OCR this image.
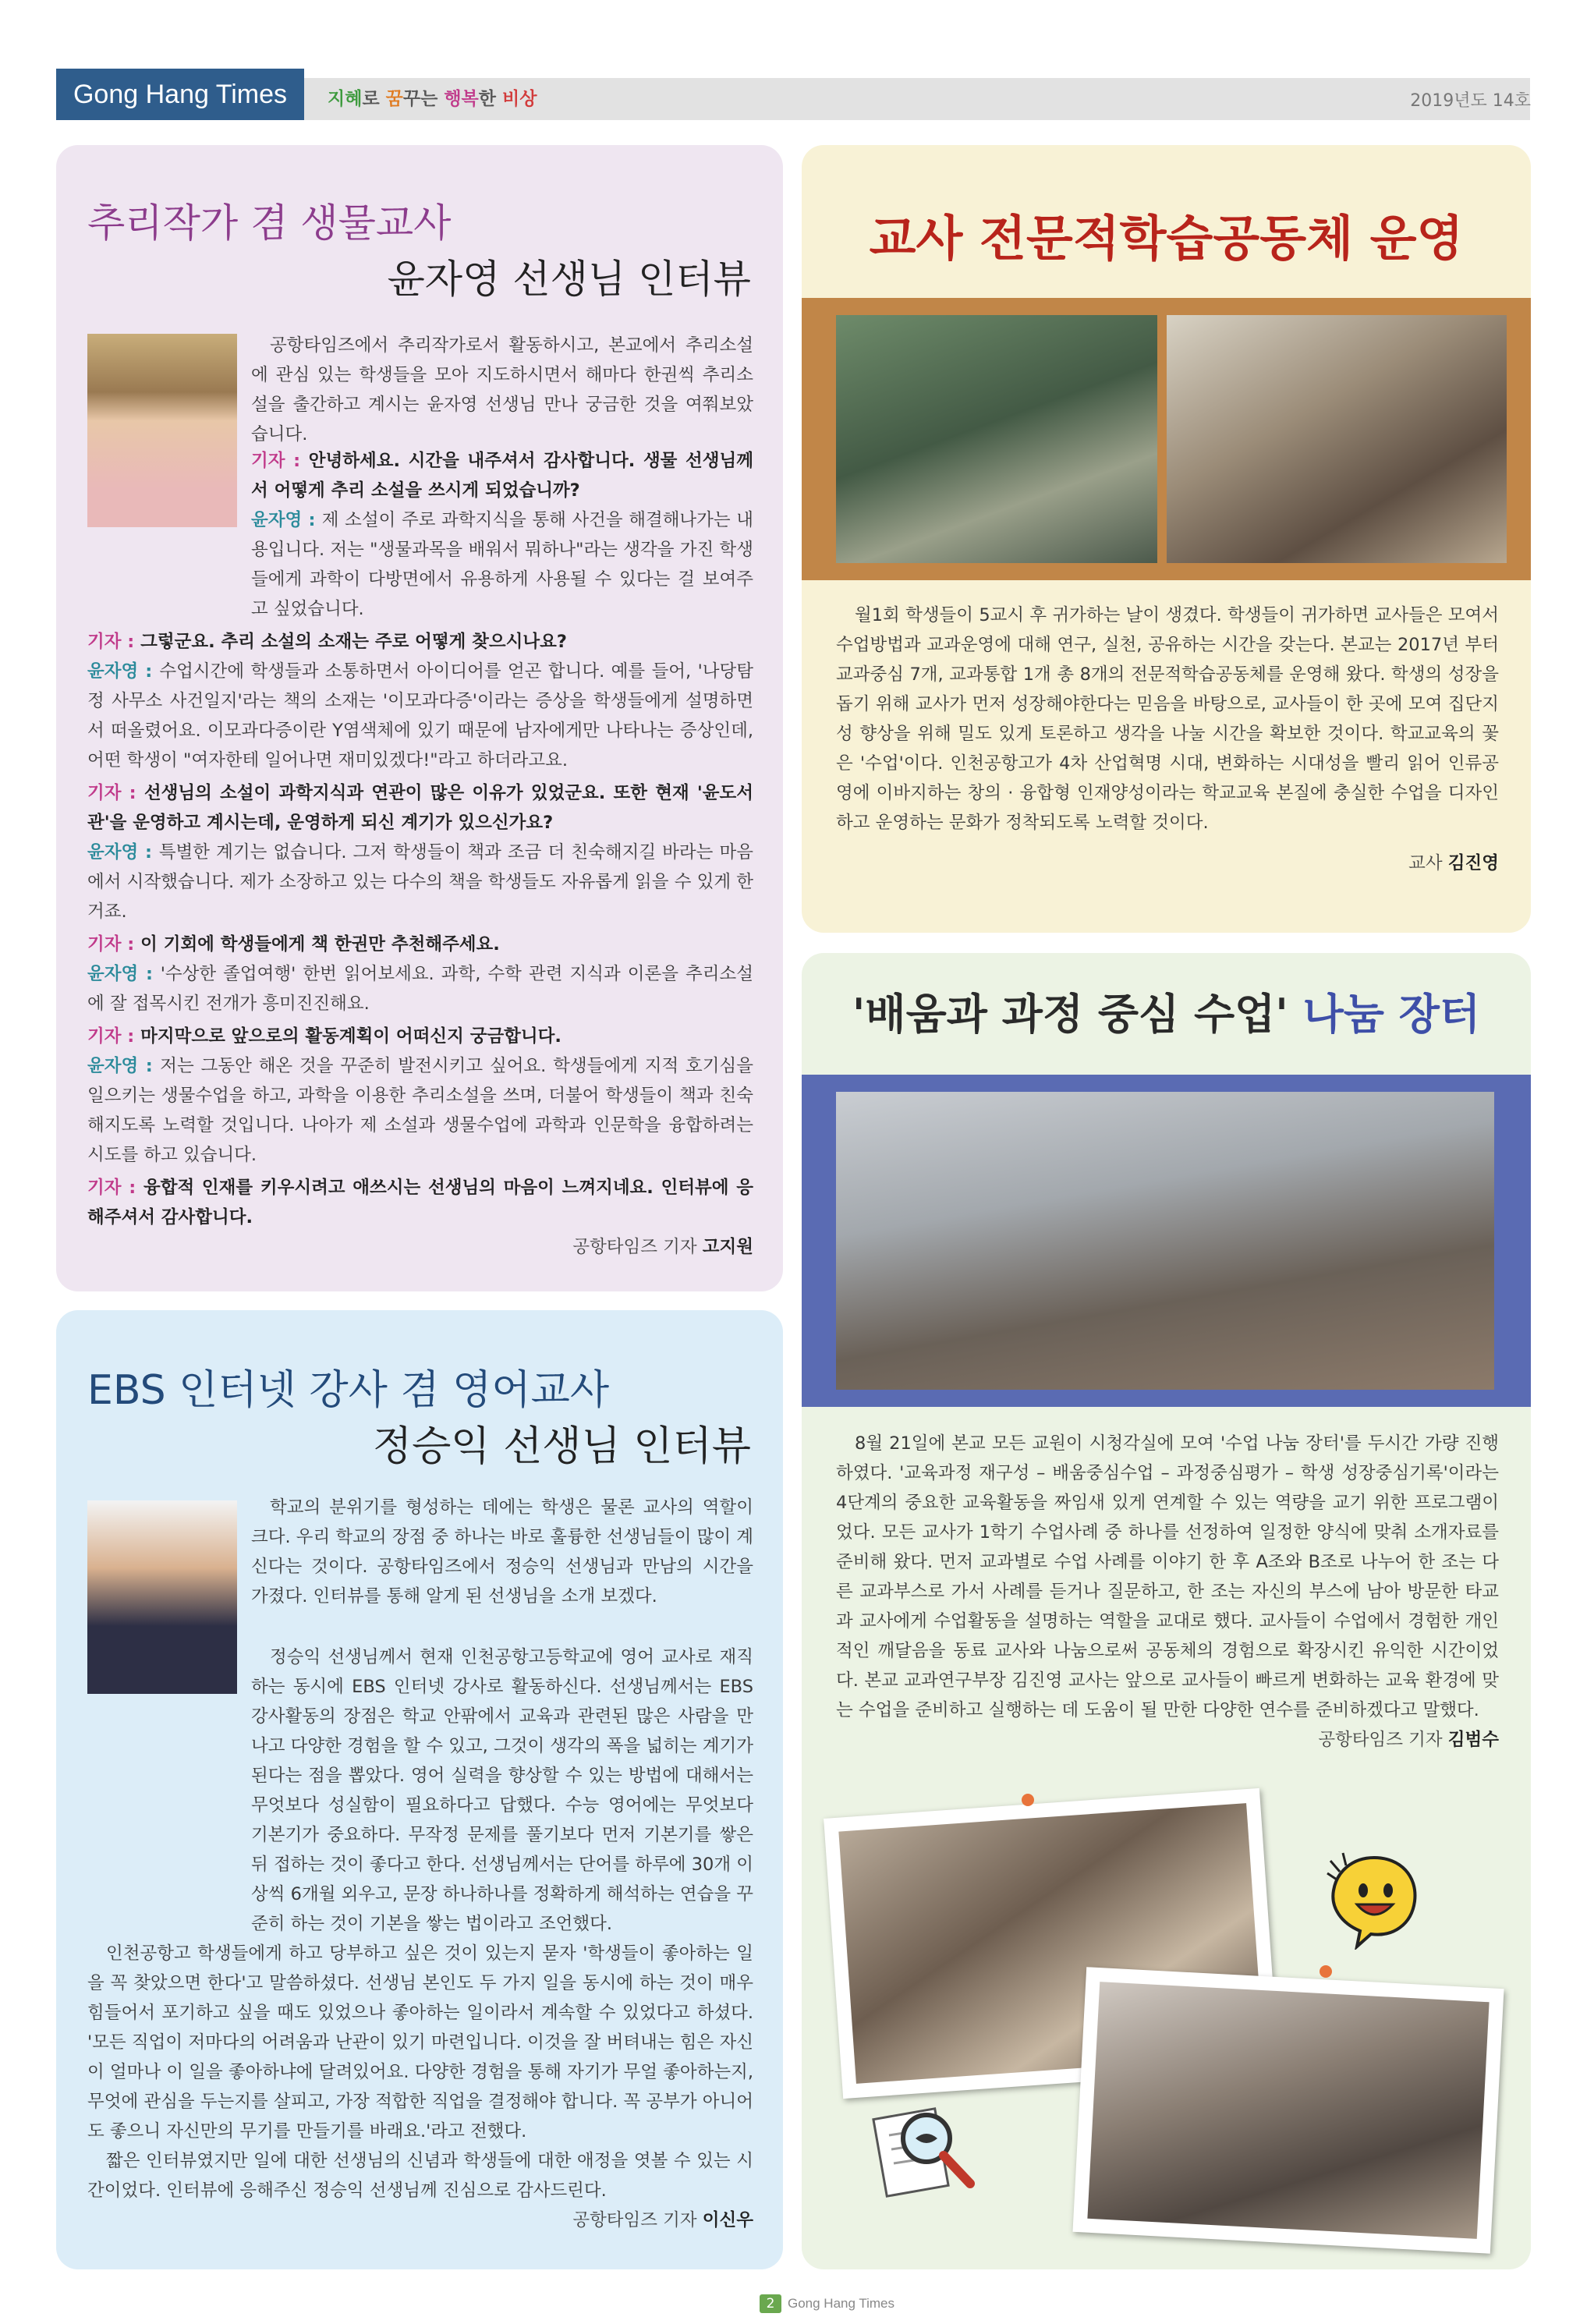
Gong Hang Times	지혜로 꿈꾸는 행복한 비상	2019년도 14호
추리작가 겸 생물교사
윤자영 선생님 인터뷰

공항타임즈에서 추리작가로서 활동하시고, 본교에서 추리소설에 관심 있는 학생들을 모아 지도하시면서 해마다 한권씩 추리소설을 출간하고 계시는 윤자영 선생님 만나 궁금한 것을 여쭤보았습니다.

기자 : 안녕하세요. 시간을 내주셔서 감사합니다. 생물 선생님께서 어떻게 추리 소설을 쓰시게 되었습니까?

윤자영 : 제 소설이 주로 과학지식을 통해 사건을 해결해나가는 내용입니다. 저는 "생물과목을 배워서 뭐하나"라는 생각을 가진 학생들에게 과학이 다방면에서 유용하게 사용될 수 있다는 걸 보여주고 싶었습니다.

기자 : 그렇군요. 추리 소설의 소재는 주로 어떻게 찾으시나요?

윤자영 : 수업시간에 학생들과 소통하면서 아이디어를 얻곤 합니다. 예를 들어, '나당탐정 사무소 사건일지'라는 책의 소재는 '이모과다증'이라는 증상을 학생들에게 설명하면서 떠올렸어요. 이모과다증이란 Y염색체에 있기 때문에 남자에게만 나타나는 증상인데, 어떤 학생이 "여자한테 일어나면 재미있겠다!"라고 하더라고요.

기자 : 선생님의 소설이 과학지식과 연관이 많은 이유가 있었군요. 또한 현재 '윤도서관'을 운영하고 계시는데, 운영하게 되신 계기가 있으신가요?

윤자영 : 특별한 계기는 없습니다. 그저 학생들이 책과 조금 더 친숙해지길 바라는 마음에서 시작했습니다. 제가 소장하고 있는 다수의 책을 학생들도 자유롭게 읽을 수 있게 한 거죠.

기자 : 이 기회에 학생들에게 책 한권만 추천해주세요.

윤자영 : '수상한 졸업여행' 한번 읽어보세요. 과학, 수학 관련 지식과 이론을 추리소설에 잘 접목시킨 전개가 흥미진진해요.

기자 : 마지막으로 앞으로의 활동계획이 어떠신지 궁금합니다.

윤자영 : 저는 그동안 해온 것을 꾸준히 발전시키고 싶어요. 학생들에게 지적 호기심을 일으키는 생물수업을 하고, 과학을 이용한 추리소설을 쓰며, 더불어 학생들이 책과 친숙해지도록 노력할 것입니다. 나아가 제 소설과 생물수업에 과학과 인문학을 융합하려는 시도를 하고 있습니다.

기자 : 융합적 인재를 키우시려고 애쓰시는 선생님의 마음이 느껴지네요. 인터뷰에 응해주셔서 감사합니다.

공항타임즈 기자 고지원

EBS 인터넷 강사 겸 영어교사
정승익 선생님 인터뷰

학교의 분위기를 형성하는 데에는 학생은 물론 교사의 역할이 크다. 우리 학교의 장점 중 하나는 바로 훌륭한 선생님들이 많이 계신다는 것이다. 공항타임즈에서 정승익 선생님과 만남의 시간을 가졌다. 인터뷰를 통해 알게 된 선생님을 소개 보겠다.

정승익 선생님께서 현재 인천공항고등학교에 영어 교사로 재직하는 동시에 EBS 인터넷 강사로 활동하신다. 선생님께서는 EBS 강사활동의 장점은 학교 안팎에서 교육과 관련된 많은 사람을 만나고 다양한 경험을 할 수 있고, 그것이 생각의 폭을 넓히는 계기가 된다는 점을 뽑았다. 영어 실력을 향상할 수 있는 방법에 대해서는 무엇보다 성실함이 필요하다고 답했다. 수능 영어에는 무엇보다 기본기가 중요하다. 무작정 문제를 풀기보다 먼저 기본기를 쌓은 뒤 접하는 것이 좋다고 한다. 선생님께서는 단어를 하루에 30개 이상씩 6개월 외우고, 문장 하나하나를 정확하게 해석하는 연습을 꾸준히 하는 것이 기본을 쌓는 법이라고 조언했다.

인천공항고 학생들에게 하고 당부하고 싶은 것이 있는지 묻자 '학생들이 좋아하는 일을 꼭 찾았으면 한다'고 말씀하셨다. 선생님 본인도 두 가지 일을 동시에 하는 것이 매우 힘들어서 포기하고 싶을 때도 있었으나 좋아하는 일이라서 계속할 수 있었다고 하셨다. '모든 직업이 저마다의 어려움과 난관이 있기 마련입니다. 이것을 잘 버텨내는 힘은 자신이 얼마나 이 일을 좋아하냐에 달려있어요. 다양한 경험을 통해 자기가 무얼 좋아하는지, 무엇에 관심을 두는지를 살피고, 가장 적합한 직업을 결정해야 합니다. 꼭 공부가 아니어도 좋으니 자신만의 무기를 만들기를 바래요.'라고 전했다.

짧은 인터뷰였지만 일에 대한 선생님의 신념과 학생들에 대한 애정을 엿볼 수 있는 시간이었다. 인터뷰에 응해주신 정승익 선생님께 진심으로 감사드린다.

공항타임즈 기자 이신우

교사 전문적학습공동체 운영

월1회 학생들이 5교시 후 귀가하는 날이 생겼다. 학생들이 귀가하면 교사들은 모여서 수업방법과 교과운영에 대해 연구, 실천, 공유하는 시간을 갖는다. 본교는 2017년 부터 교과중심 7개, 교과통합 1개 총 8개의 전문적학습공동체를 운영해 왔다. 학생의 성장을 돕기 위해 교사가 먼저 성장해야한다는 믿음을 바탕으로, 교사들이 한 곳에 모여 집단지성 향상을 위해 밀도 있게 토론하고 생각을 나눌 시간을 확보한 것이다. 학교교육의 꽃은 '수업'이다. 인천공항고가 4차 산업혁명 시대, 변화하는 시대성을 빨리 읽어 인류공영에 이바지하는 창의 · 융합형 인재양성이라는 학교교육 본질에 충실한 수업을 디자인하고 운영하는 문화가 정착되도록 노력할 것이다.

교사 김진영

'배움과 과정 중심 수업' 나눔 장터

8월 21일에 본교 모든 교원이 시청각실에 모여 '수업 나눔 장터'를 두시간 가량 진행하였다. '교육과정 재구성 – 배움중심수업 – 과정중심평가 – 학생 성장중심기록'이라는 4단계의 중요한 교육활동을 짜임새 있게 연계할 수 있는 역량을 교기 위한 프로그램이었다. 모든 교사가 1학기 수업사례 중 하나를 선정하여 일정한 양식에 맞춰 소개자료를 준비해 왔다. 먼저 교과별로 수업 사례를 이야기 한 후 A조와 B조로 나누어 한 조는 다른 교과부스로 가서 사례를 듣거나 질문하고, 한 조는 자신의 부스에 남아 방문한 타교과 교사에게 수업활동을 설명하는 역할을 교대로 했다. 교사들이 수업에서 경험한 개인적인 깨달음을 동료 교사와 나눔으로써 공동체의 경험으로 확장시킨 유익한 시간이었다. 본교 교과연구부장 김진영 교사는 앞으로 교사들이 빠르게 변화하는 교육 환경에 맞는 수업을 준비하고 실행하는 데 도움이 될 만한 다양한 연수를 준비하겠다고 말했다.

공항타임즈 기자 김범수

2 Gong Hang Times
